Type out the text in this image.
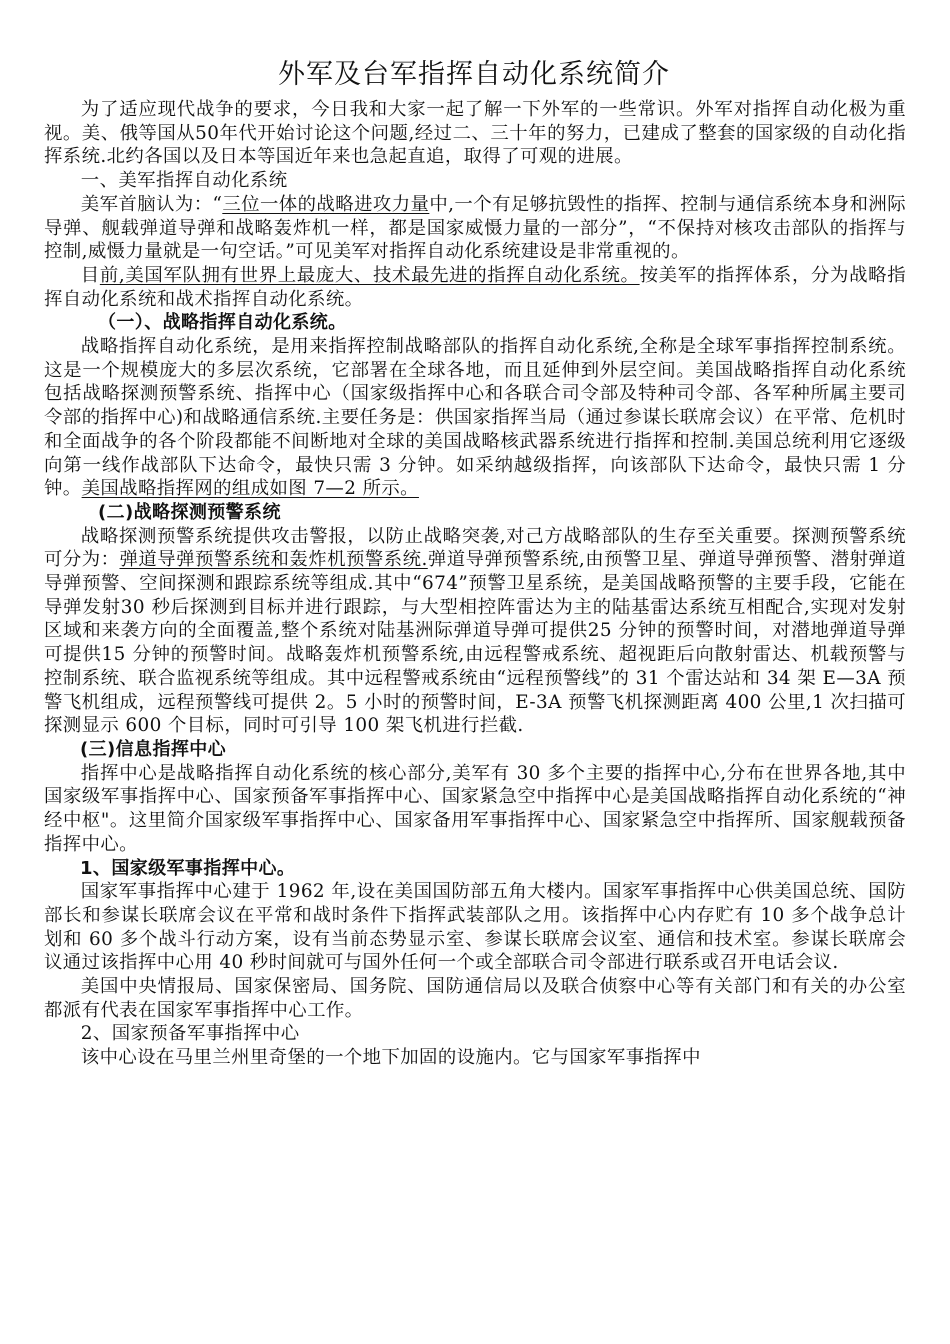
外军及台军指挥自动化系统简介

为了适应现代战争的要求，今日我和大家一起了解一下外军的一些常识。外军对指挥自动化极为重视。美、俄等国从50年代开始讨论这个问题,经过二、三十年的努力，已建成了整套的国家级的自动化指挥系统.北约各国以及日本等国近年来也急起直追，取得了可观的进展。

一、美军指挥自动化系统

美军首脑认为：“三位一体的战略进攻力量中,一个有足够抗毁性的指挥、控制与通信系统本身和洲际导弹、舰载弹道导弹和战略轰炸机一样，都是国家威慑力量的一部分”，“不保持对核攻击部队的指挥与控制,威慑力量就是一句空话。”可见美军对指挥自动化系统建设是非常重视的。

目前,美国军队拥有世界上最庞大、技术最先进的指挥自动化系统。按美军的指挥体系，分为战略指挥自动化系统和战术指挥自动化系统。

（一）、战略指挥自动化系统。

战略指挥自动化系统，是用来指挥控制战略部队的指挥自动化系统,全称是全球军事指挥控制系统。这是一个规模庞大的多层次系统，它部署在全球各地，而且延伸到外层空间。美国战略指挥自动化系统包括战略探测预警系统、指挥中心（国家级指挥中心和各联合司令部及特种司令部、各军种所属主要司令部的指挥中心)和战略通信系统.主要任务是：供国家指挥当局（通过参谋长联席会议）在平常、危机时和全面战争的各个阶段都能不间断地对全球的美国战略核武器系统进行指挥和控制.美国总统利用它逐级向第一线作战部队下达命令，最快只需 3 分钟。如采纳越级指挥，向该部队下达命令，最快只需 1 分钟。美国战略指挥网的组成如图 7—2 所示。

(二)战略探测预警系统

战略探测预警系统提供攻击警报，以防止战略突袭,对己方战略部队的生存至关重要。探测预警系统可分为：弹道导弹预警系统和轰炸机预警系统.弹道导弹预警系统,由预警卫星、弹道导弹预警、潜射弹道导弹预警、空间探测和跟踪系统等组成.其中“674”预警卫星系统，是美国战略预警的主要手段，它能在导弹发射30 秒后探测到目标并进行跟踪，与大型相控阵雷达为主的陆基雷达系统互相配合,实现对发射区域和来袭方向的全面覆盖,整个系统对陆基洲际弹道导弹可提供25 分钟的预警时间，对潜地弹道导弹可提供15 分钟的预警时间。战略轰炸机预警系统,由远程警戒系统、超视距后向散射雷达、机载预警与控制系统、联合监视系统等组成。其中远程警戒系统由“远程预警线”的 31 个雷达站和 34 架 E—3A 预警飞机组成，远程预警线可提供 2。5 小时的预警时间，E-3A 预警飞机探测距离 400 公里,1 次扫描可探测显示 600 个目标，同时可引导 100 架飞机进行拦截.

(三)信息指挥中心

指挥中心是战略指挥自动化系统的核心部分,美军有 30 多个主要的指挥中心,分布在世界各地,其中国家级军事指挥中心、国家预备军事指挥中心、国家紧急空中指挥中心是美国战略指挥自动化系统的“神经中枢"。这里简介国家级军事指挥中心、国家备用军事指挥中心、国家紧急空中指挥所、国家舰载预备指挥中心。

1、国家级军事指挥中心。

国家军事指挥中心建于 1962 年,设在美国国防部五角大楼内。国家军事指挥中心供美国总统、国防部长和参谋长联席会议在平常和战时条件下指挥武装部队之用。该指挥中心内存贮有 10 多个战争总计划和 60 多个战斗行动方案，设有当前态势显示室、参谋长联席会议室、通信和技术室。参谋长联席会议通过该指挥中心用 40 秒时间就可与国外任何一个或全部联合司令部进行联系或召开电话会议.

美国中央情报局、国家保密局、国务院、国防通信局以及联合侦察中心等有关部门和有关的办公室都派有代表在国家军事指挥中心工作。

2、国家预备军事指挥中心

该中心设在马里兰州里奇堡的一个地下加固的设施内。它与国家军事指挥中
